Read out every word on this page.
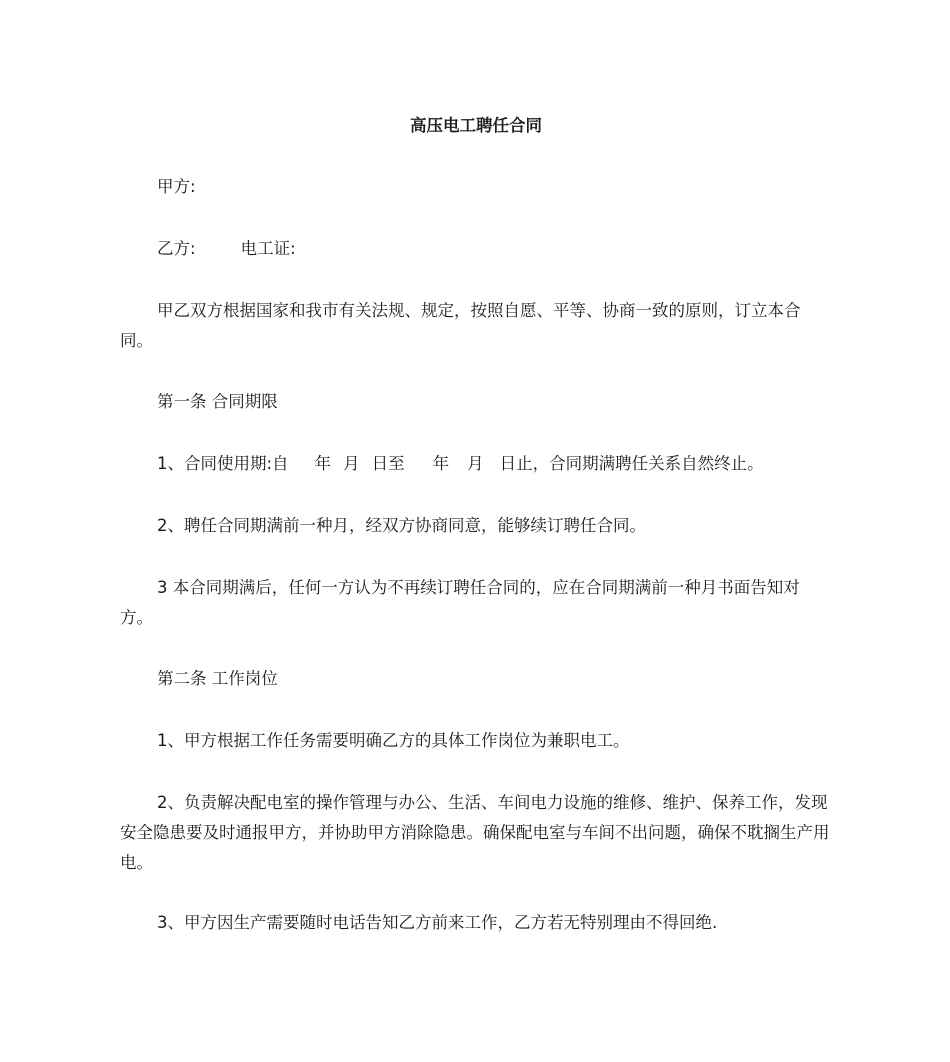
高压电工聘任合同

甲方:

乙方:	电工证:

甲乙双方根据国家和我市有关法规、规定，按照自愿、平等、协商一致的原则，订立本合同。

第一条 合同期限

1、合同使用期:自 年 月 日至 年 月 日止，合同期满聘任关系自然终止。

2、聘任合同期满前一种月，经双方协商同意，能够续订聘任合同。

3 本合同期满后，任何一方认为不再续订聘任合同的，应在合同期满前一种月书面告知对方。

第二条 工作岗位

1、甲方根据工作任务需要明确乙方的具体工作岗位为兼职电工。

2、负责解决配电室的操作管理与办公、生活、车间电力设施的维修、维护、保养工作，发现安全隐患要及时通报甲方，并协助甲方消除隐患。确保配电室与车间不出问题，确保不耽搁生产用电。

3、甲方因生产需要随时电话告知乙方前来工作，乙方若无特别理由不得回绝.
